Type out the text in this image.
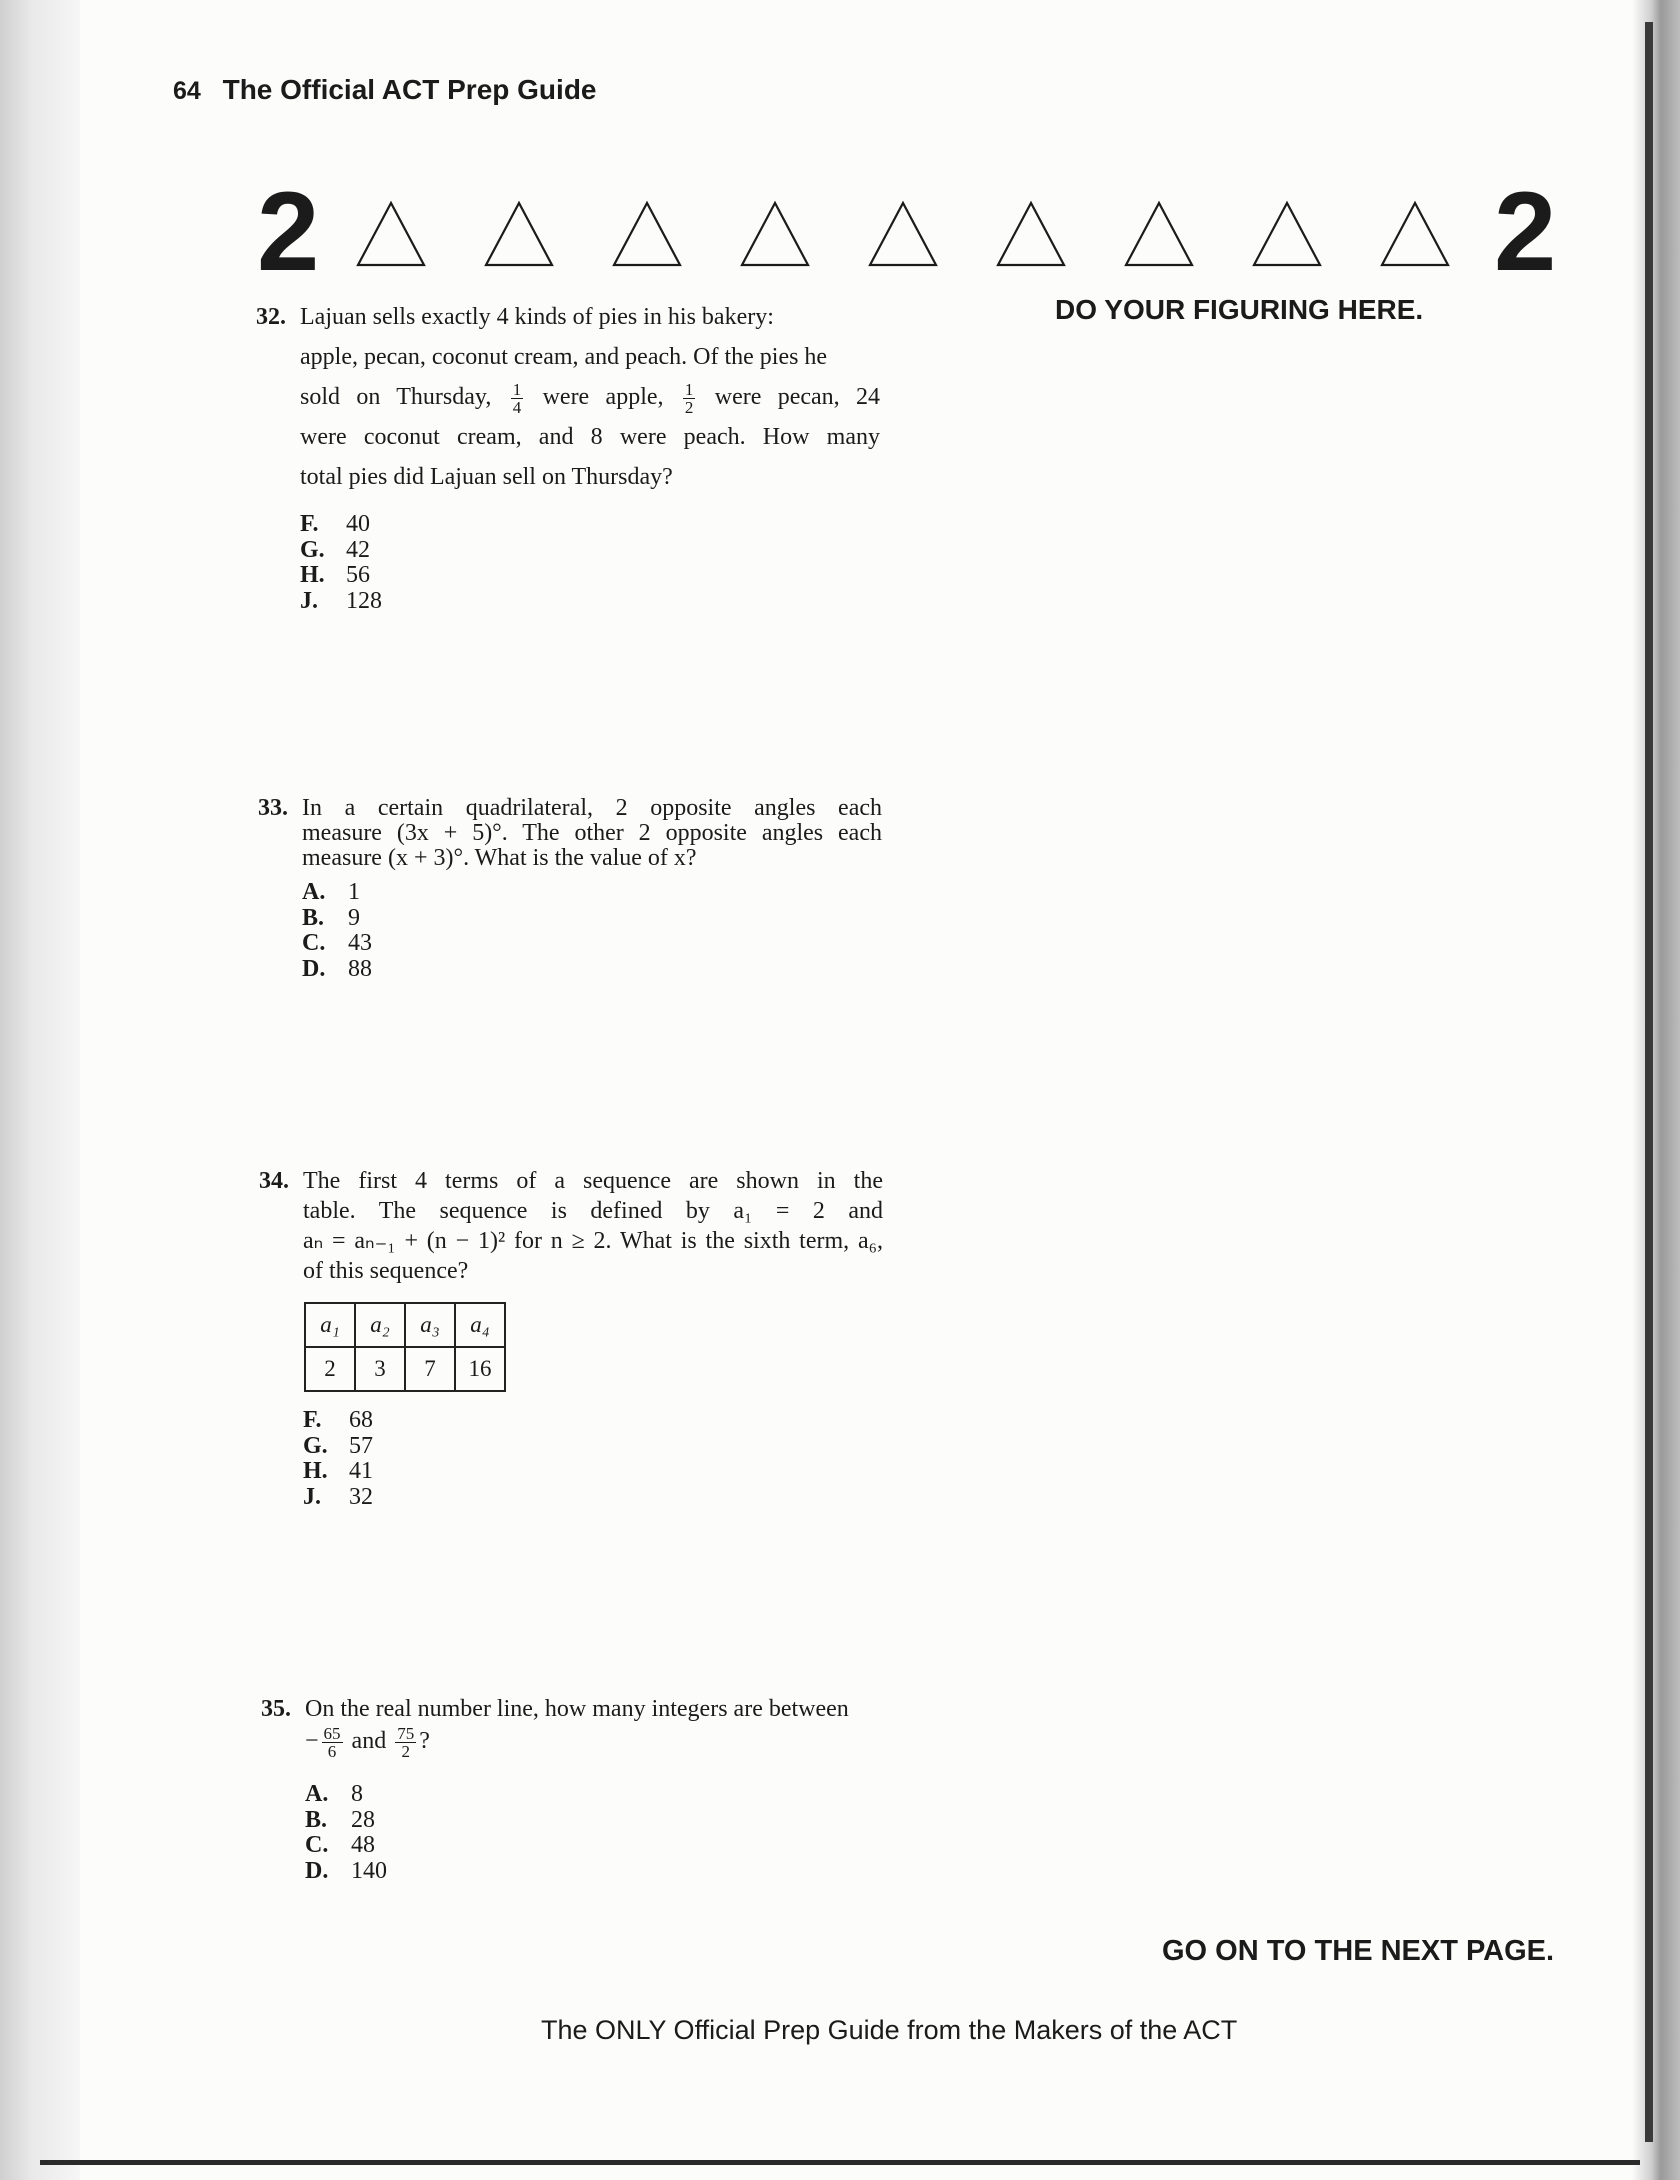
64 The Official ACT Prep Guide
2	2
DO YOUR FIGURING HERE.
32. Lajuan sells exactly 4 kinds of pies in his bakery:
apple, pecan, coconut cream, and peach. Of the pies he
sold on Thursday, $\frac{1}{4}$ were apple, $\frac{1}{2}$ were pecan, 24
were coconut cream, and 8 were peach. How many
total pies did Lajuan sell on Thursday?
F. 40
G. 42
H. 56
J. 128
33. In a certain quadrilateral, 2 opposite angles each
measure (3x + 5)°. The other 2 opposite angles each
measure (x + 3)°. What is the value of x?
A. 1
B. 9
C. 43
D. 88
34. The first 4 terms of a sequence are shown in the
table. The sequence is defined by a₁ = 2 and
aₙ = aₙ₋₁ + (n − 1)² for n ≥ 2. What is the sixth term, a₆,
of this sequence?
a₁	a₂	a₃	a₄
2	3	7	16
F. 68
G. 57
H. 41
J. 32
35. On the real number line, how many integers are between
− $\frac{65}{6}$ and $\frac{75}{2}$ ?
A. 8
B. 28
C. 48
D. 140
GO ON TO THE NEXT PAGE.
The ONLY Official Prep Guide from the Makers of the ACT
